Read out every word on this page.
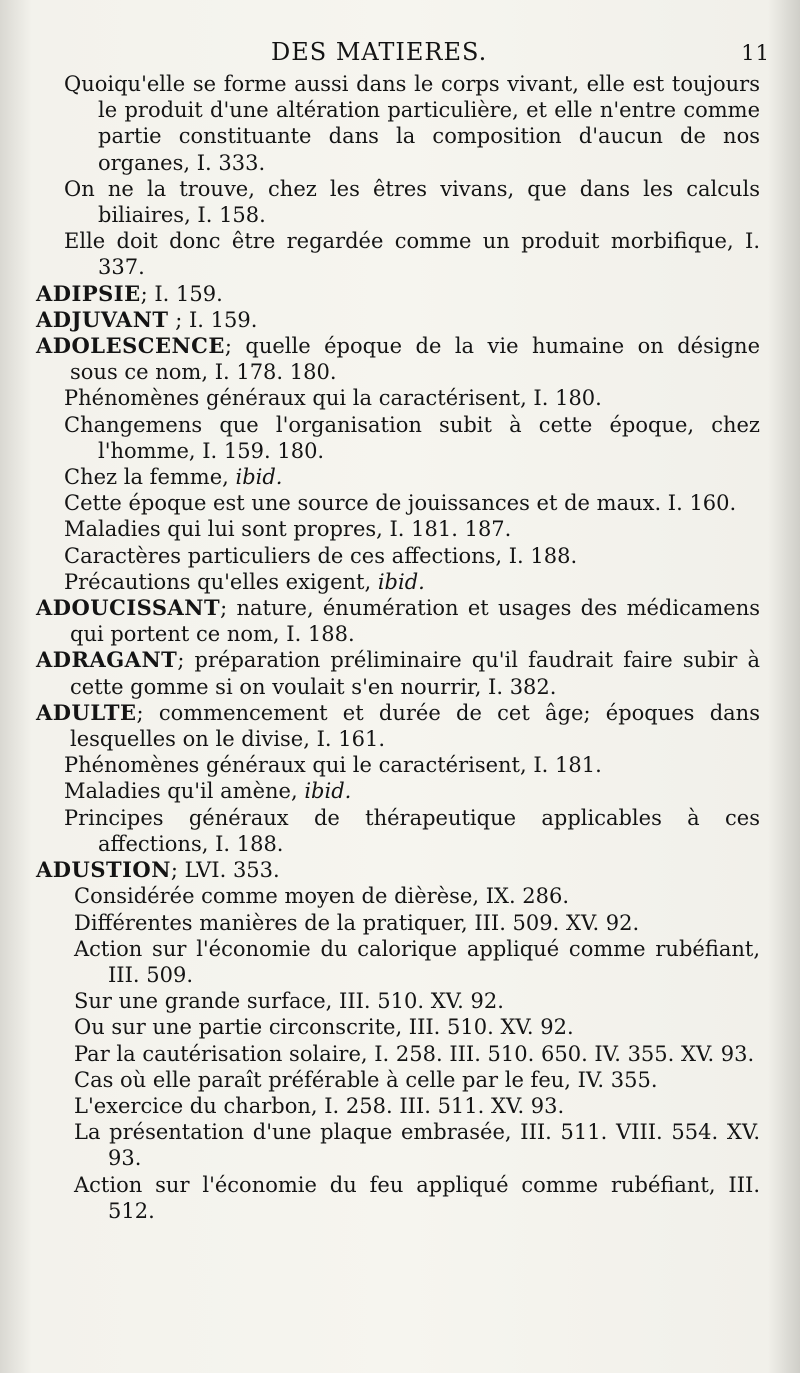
DES MATIERES.	11
Quoiqu'elle se forme aussi dans le corps vivant, elle est toujours le produit d'une altération particulière, et elle n'entre comme partie constituante dans la composition d'aucun de nos organes, I. 333.
On ne la trouve, chez les êtres vivans, que dans les calculs biliaires, I. 158.
Elle doit donc être regardée comme un produit morbifique, I. 337.
ADIPSIE; I. 159.
ADJUVANT ; I. 159.
ADOLESCENCE; quelle époque de la vie humaine on désigne sous ce nom, I. 178. 180.
Phénomènes généraux qui la caractérisent, I. 180.
Changemens que l'organisation subit à cette époque, chez l'homme, I. 159. 180.
Chez la femme, ibid.
Cette époque est une source de jouissances et de maux. I. 160.
Maladies qui lui sont propres, I. 181. 187.
Caractères particuliers de ces affections, I. 188.
Précautions qu'elles exigent, ibid.
ADOUCISSANT; nature, énumération et usages des médicamens qui portent ce nom, I. 188.
ADRAGANT; préparation préliminaire qu'il faudrait faire subir à cette gomme si on voulait s'en nourrir, I. 382.
ADULTE; commencement et durée de cet âge; époques dans lesquelles on le divise, I. 161.
Phénomènes généraux qui le caractérisent, I. 181.
Maladies qu'il amène, ibid.
Principes généraux de thérapeutique applicables à ces affections, I. 188.
ADUSTION; LVI. 353.
Considérée comme moyen de dièrèse, IX. 286.
Différentes manières de la pratiquer, III. 509. XV. 92.
Action sur l'économie du calorique appliqué comme rubéfiant, III. 509.
Sur une grande surface, III. 510. XV. 92.
Ou sur une partie circonscrite, III. 510. XV. 92.
Par la cautérisation solaire, I. 258. III. 510. 650. IV. 355. XV. 93.
Cas où elle paraît préférable à celle par le feu, IV. 355.
L'exercice du charbon, I. 258. III. 511. XV. 93.
La présentation d'une plaque embrasée, III. 511. VIII. 554. XV. 93.
Action sur l'économie du feu appliqué comme rubéfiant, III. 512.
